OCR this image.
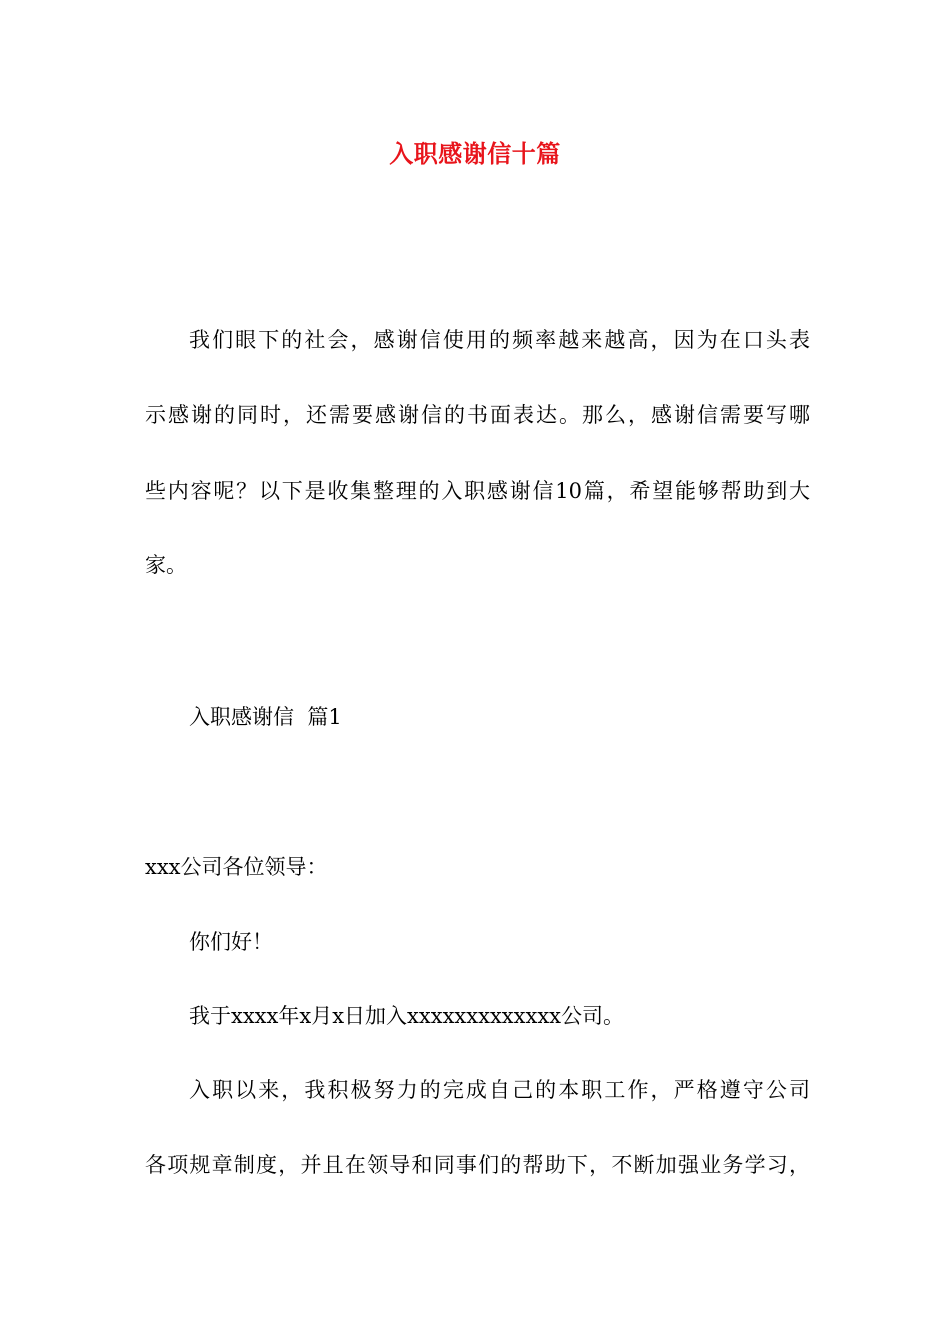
入职感谢信十篇
我们眼下的社会，感谢信使用的频率越来越高，因为在口头表
示感谢的同时，还需要感谢信的书面表达。那么，感谢信需要写哪
些内容呢？以下是收集整理的入职感谢信10篇，希望能够帮助到大
家。
入职感谢信  篇1
xxx公司各位领导：
你们好！
我于xxxx年x月x日加入xxxxxxxxxxxxx公司。
入职以来，我积极努力的完成自己的本职工作，严格遵守公司
各项规章制度，并且在领导和同事们的帮助下，不断加强业务学习，
